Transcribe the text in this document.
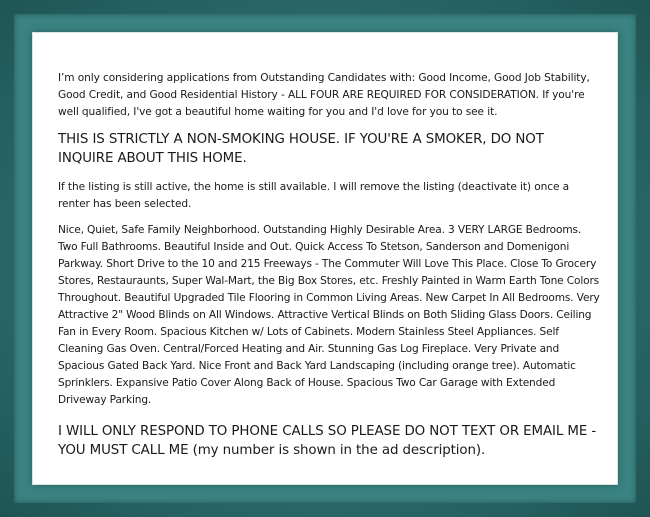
I’m only considering applications from Outstanding Candidates with: Good Income, Good Job Stability, Good Credit, and Good Residential History - ALL FOUR ARE REQUIRED FOR CONSIDERATION. If you're well qualified, I've got a beautiful home waiting for you and I'd love for you to see it.

THIS IS STRICTLY A NON-SMOKING HOUSE. IF YOU'RE A SMOKER, DO NOT INQUIRE ABOUT THIS HOME.

If the listing is still active, the home is still available. I will remove the listing (deactivate it) once a renter has been selected.

Nice, Quiet, Safe Family Neighborhood. Outstanding Highly Desirable Area. 3 VERY LARGE Bedrooms. Two Full Bathrooms. Beautiful Inside and Out. Quick Access To Stetson, Sanderson and Domenigoni Parkway. Short Drive to the 10 and 215 Freeways - The Commuter Will Love This Place. Close To Grocery Stores, Restauraunts, Super Wal-Mart, the Big Box Stores, etc. Freshly Painted in Warm Earth Tone Colors Throughout. Beautiful Upgraded Tile Flooring in Common Living Areas. New Carpet In All Bedrooms. Very Attractive 2" Wood Blinds on All Windows. Attractive Vertical Blinds on Both Sliding Glass Doors. Ceiling Fan in Every Room. Spacious Kitchen w/ Lots of Cabinets. Modern Stainless Steel Appliances. Self Cleaning Gas Oven. Central/Forced Heating and Air. Stunning Gas Log Fireplace. Very Private and Spacious Gated Back Yard. Nice Front and Back Yard Landscaping (including orange tree). Automatic Sprinklers. Expansive Patio Cover Along Back of House. Spacious Two Car Garage with Extended Driveway Parking.

I WILL ONLY RESPOND TO PHONE CALLS SO PLEASE DO NOT TEXT OR EMAIL ME - YOU MUST CALL ME (my number is shown in the ad description).
